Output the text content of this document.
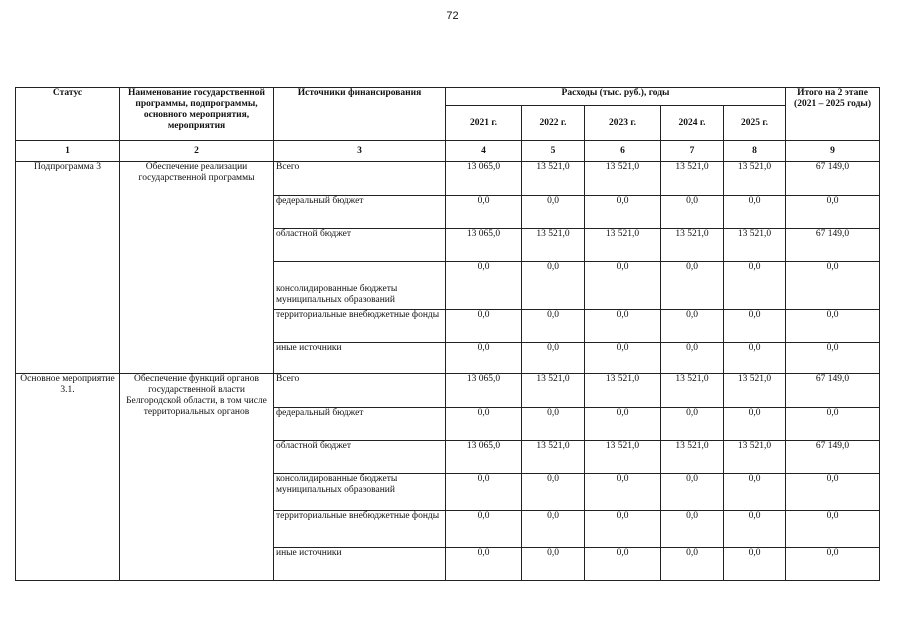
72
Статус	Наименование государственной программы, подпрограммы, основного мероприятия, мероприятия	Источники финансирования	Расходы (тыс. руб.), годы					Итого на 2 этапе (2021 – 2025 годы)
			2021 г.	2022 г.	2023 г.	2024 г.	2025 г.	
1	2	3	4	5	6	7	8	9
Подпрограмма 3	Обеспечение реализации государственной программы	Всего	13 065,0	13 521,0	13 521,0	13 521,0	13 521,0	67 149,0
		федеральный бюджет	0,0	0,0	0,0	0,0	0,0	0,0
		областной бюджет	13 065,0	13 521,0	13 521,0	13 521,0	13 521,0	67 149,0
		консолидированные бюджеты муниципальных образований	0,0	0,0	0,0	0,0	0,0	0,0
		территориальные внебюджетные фонды	0,0	0,0	0,0	0,0	0,0	0,0
		иные источники	0,0	0,0	0,0	0,0	0,0	0,0
Основное мероприятие 3.1.	Обеспечение функций органов государственной власти Белгородской области, в том числе территориальных органов	Всего	13 065,0	13 521,0	13 521,0	13 521,0	13 521,0	67 149,0
		федеральный бюджет	0,0	0,0	0,0	0,0	0,0	0,0
		областной бюджет	13 065,0	13 521,0	13 521,0	13 521,0	13 521,0	67 149,0
		консолидированные бюджеты муниципальных образований	0,0	0,0	0,0	0,0	0,0	0,0
		территориальные внебюджетные фонды	0,0	0,0	0,0	0,0	0,0	0,0
		иные источники	0,0	0,0	0,0	0,0	0,0	0,0
